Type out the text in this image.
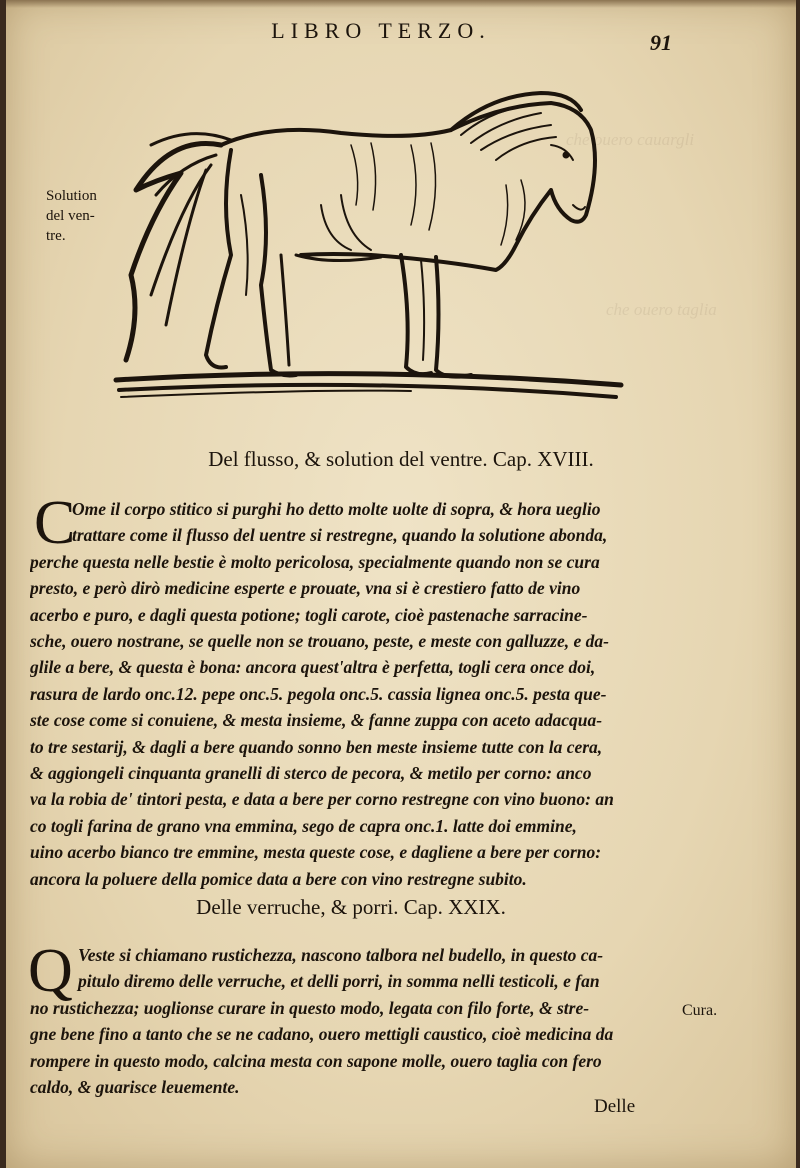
che ouero cauargli
che ouero taglia
LIBRO TERZO.	91
Solution
del ven-
tre.
Del flusso, & solution del ventre. Cap. XVIII.
C
Ome il corpo stitico si purghi ho detto molte uolte di sopra, & hora ueglio
trattare come il flusso del uentre si restregne, quando la solutione abonda,
perche questa nelle bestie è molto pericolosa, specialmente quando non se cura
presto, e però dirò medicine esperte e prouate, vna si è crestiero fatto de vino
acerbo e puro, e dagli questa potione; togli carote, cioè pastenache sarracine-
sche, ouero nostrane, se quelle non se trouano, peste, e meste con galluzze, e da-
glile a bere, & questa è bona: ancora quest'altra è perfetta, togli cera once doi,
rasura de lardo onc.12. pepe onc.5. pegola onc.5. cassia lignea onc.5. pesta que-
ste cose come si conuiene, & mesta insieme, & fanne zuppa con aceto adacqua-
to tre sestarij, & dagli a bere quando sonno ben meste insieme tutte con la cera,
& aggiongeli cinquanta granelli di sterco de pecora, & metilo per corno: anco
va la robia de' tintori pesta, e data a bere per corno restregne con vino buono: an
co togli farina de grano vna emmina, sego de capra onc.1. latte doi emmine,
uino acerbo bianco tre emmine, mesta queste cose, e dagliene a bere per corno:
ancora la poluere della pomice data a bere con vino restregne subito.
Delle verruche, & porri. Cap. XXIX.
Q Veste si chiamano rustichezza, nascono talbora nel budello, in questo ca-
pitulo diremo delle verruche, et delli porri, in somma nelli testicoli, e fan
no rustichezza; uoglionse curare in questo modo, legata con filo forte, & stre-
gne bene fino a tanto che se ne cadano, ouero mettigli caustico, cioè medicina da
rompere in questo modo, calcina mesta con sapone molle, ouero taglia con fero
caldo, & guarisce leuemente.
Cura.
Delle
